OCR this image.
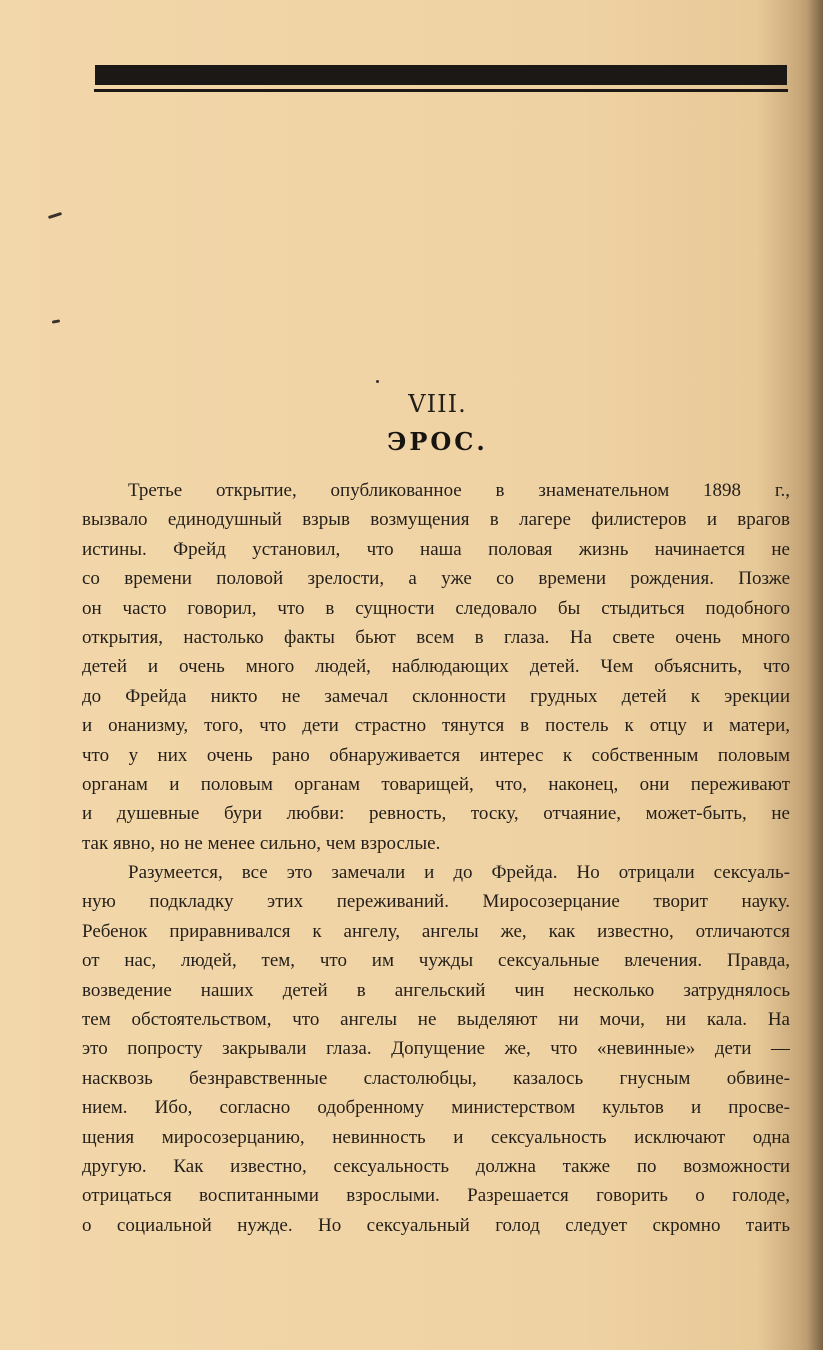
VIII.
ЭРОС.
Третье открытие, опубликованное в знаменательном 1898 г.,
вызвало единодушный взрыв возмущения в лагере филистеров и врагов
истины. Фрейд установил, что наша половая жизнь начинается не
со времени половой зрелости, а уже со времени рождения. Позже
он часто говорил, что в сущности следовало бы стыдиться подобного
открытия, настолько факты бьют всем в глаза. На свете очень много
детей и очень много людей, наблюдающих детей. Чем объяснить, что
до Фрейда никто не замечал склонности грудных детей к эрекции
и онанизму, того, что дети страстно тянутся в постель к отцу и матери,
что у них очень рано обнаруживается интерес к собственным половым
органам и половым органам товарищей, что, наконец, они переживают
и душевные бури любви: ревность, тоску, отчаяние, может-быть, не
так явно, но не менее сильно, чем взрослые.
Разумеется, все это замечали и до Фрейда. Но отрицали сексуаль-
ную подкладку этих переживаний. Миросозерцание творит науку.
Ребенок приравнивался к ангелу, ангелы же, как известно, отличаются
от нас, людей, тем, что им чужды сексуальные влечения. Правда,
возведение наших детей в ангельский чин несколько затруднялось
тем обстоятельством, что ангелы не выделяют ни мочи, ни кала. На
это попросту закрывали глаза. Допущение же, что «невинные» дети —
насквозь безнравственные сластолюбцы, казалось гнусным обвине-
нием. Ибо, согласно одобренному министерством культов и просве-
щения миросозерцанию, невинность и сексуальность исключают одна
другую. Как известно, сексуальность должна также по возможности
отрицаться воспитанными взрослыми. Разрешается говорить о голоде,
о социальной нужде. Но сексуальный голод следует скромно таить
